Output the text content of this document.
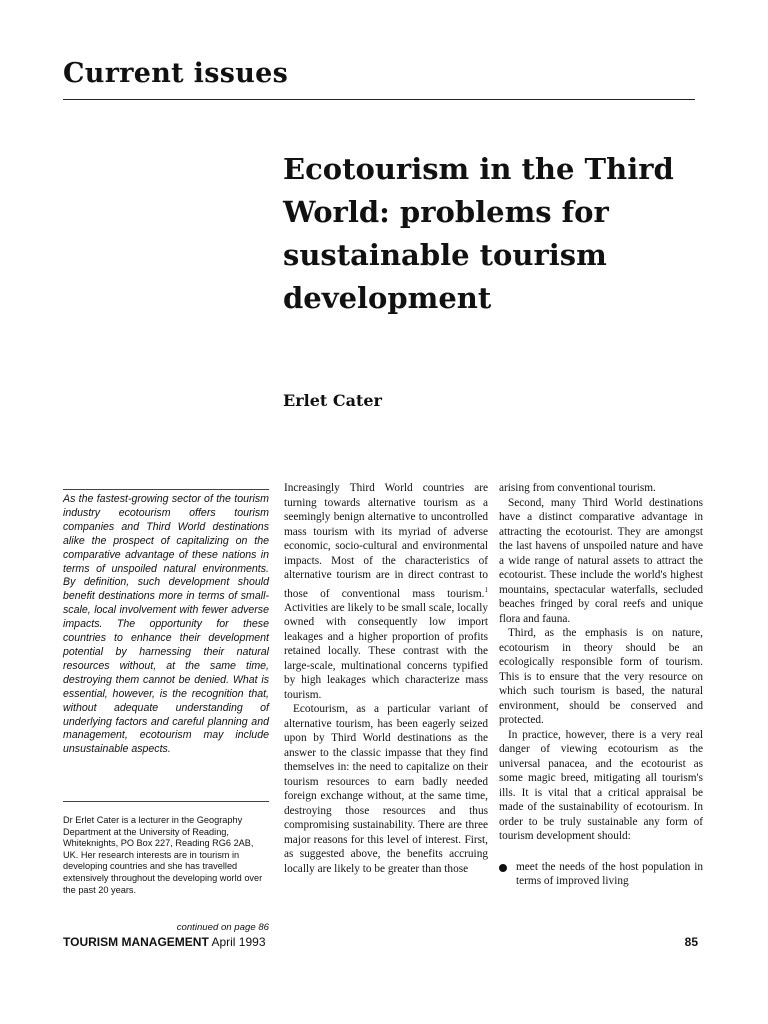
Current issues
Ecotourism in the Third World: problems for sustainable tourism development
Erlet Cater

As the fastest-growing sector of the tourism industry ecotourism offers tourism companies and Third World destinations alike the prospect of capitalizing on the comparative advantage of these nations in terms of unspoiled natural environments. By definition, such development should benefit destinations more in terms of small-scale, local involvement with fewer adverse impacts. The opportunity for these countries to enhance their development potential by harnessing their natural resources without, at the same time, destroying them cannot be denied. What is essential, however, is the recognition that, without adequate understanding of underlying factors and careful planning and management, ecotourism may include unsustainable aspects.

Dr Erlet Cater is a lecturer in the Geography Department at the University of Reading, Whiteknights, PO Box 227, Reading RG6 2AB, UK. Her research interests are in tourism in developing countries and she has travelled extensively throughout the developing world over the past 20 years.

continued on page 86

Increasingly Third World countries are turning towards alternative tourism as a seemingly benign alternative to uncontrolled mass tourism with its myriad of adverse economic, socio-cultural and environmental impacts. Most of the characteristics of alternative tourism are in direct contrast to those of conventional mass tourism.$^1$ Activities are likely to be small scale, locally owned with consequently low import leakages and a higher proportion of profits retained locally. These contrast with the large-scale, multinational concerns typified by high leakages which characterize mass tourism.

Ecotourism, as a particular variant of alternative tourism, has been eagerly seized upon by Third World destinations as the answer to the classic impasse that they find themselves in: the need to capitalize on their tourism resources to earn badly needed foreign exchange without, at the same time, destroying those resources and thus compromising sustainability. There are three major reasons for this level of interest. First, as suggested above, the benefits accruing locally are likely to be greater than those

arising from conventional tourism.

Second, many Third World destinations have a distinct comparative advantage in attracting the ecotourist. They are amongst the last havens of unspoiled nature and have a wide range of natural assets to attract the ecotourist. These include the world's highest mountains, spectacular waterfalls, secluded beaches fringed by coral reefs and unique flora and fauna.

Third, as the emphasis is on nature, ecotourism in theory should be an ecologically responsible form of tourism. This is to ensure that the very resource on which such tourism is based, the natural environment, should be conserved and protected.

In practice, however, there is a very real danger of viewing ecotourism as the universal panacea, and the ecotourist as some magic breed, mitigating all tourism's ills. It is vital that a critical appraisal be made of the sustainability of ecotourism. In order to be truly sustainable any form of tourism development should:

meet the needs of the host population in terms of improved living
TOURISM MANAGEMENT April 1993	85
